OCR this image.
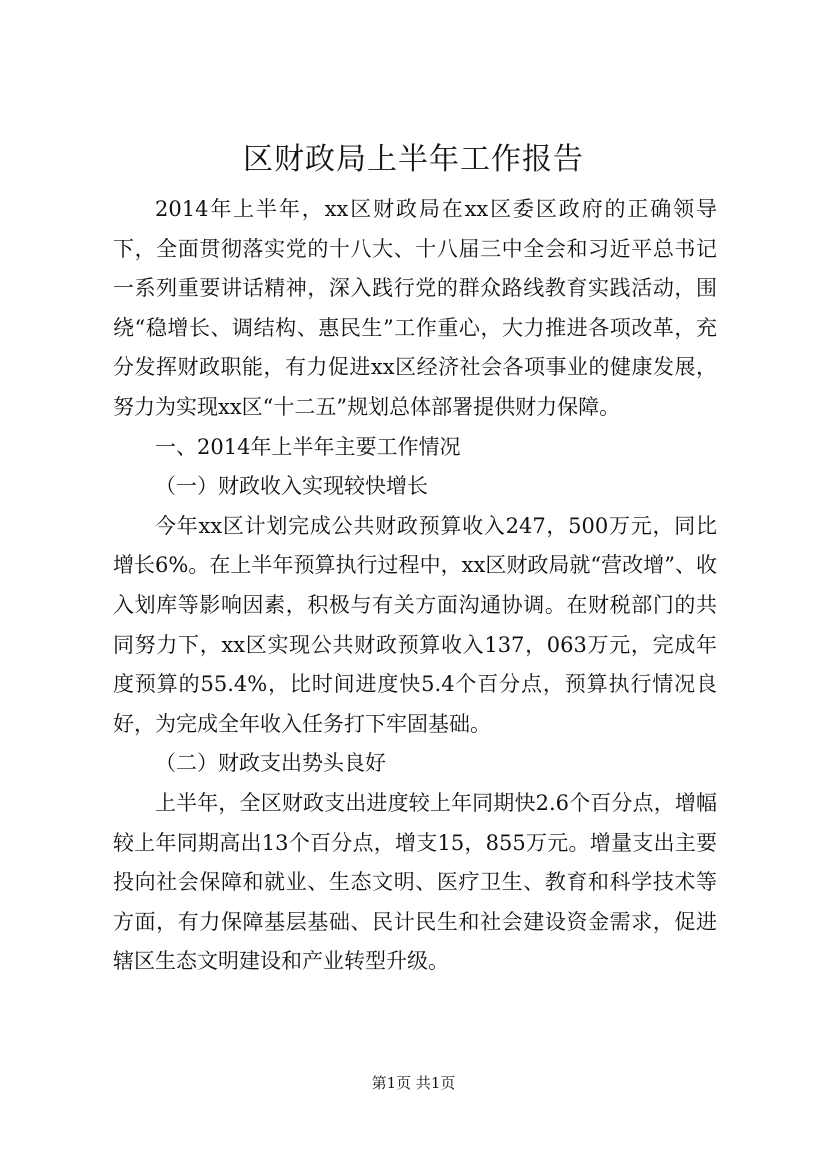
区财政局上半年工作报告

2014年上半年，xx区财政局在xx区委区政府的正确领导下，全面贯彻落实党的十八大、十八届三中全会和习近平总书记一系列重要讲话精神，深入践行党的群众路线教育实践活动，围绕“稳增长、调结构、惠民生”工作重心，大力推进各项改革，充分发挥财政职能，有力促进xx区经济社会各项事业的健康发展，努力为实现xx区“十二五”规划总体部署提供财力保障。

一、2014年上半年主要工作情况

（一）财政收入实现较快增长

今年xx区计划完成公共财政预算收入247，500万元，同比增长6%。在上半年预算执行过程中，xx区财政局就“营改增”、收入划库等影响因素，积极与有关方面沟通协调。在财税部门的共同努力下，xx区实现公共财政预算收入137，063万元，完成年度预算的55.4%，比时间进度快5.4个百分点，预算执行情况良好，为完成全年收入任务打下牢固基础。

（二）财政支出势头良好

上半年，全区财政支出进度较上年同期快2.6个百分点，增幅较上年同期高出13个百分点，增支15，855万元。增量支出主要投向社会保障和就业、生态文明、医疗卫生、教育和科学技术等方面，有力保障基层基础、民计民生和社会建设资金需求，促进辖区生态文明建设和产业转型升级。

第1页 共1页
